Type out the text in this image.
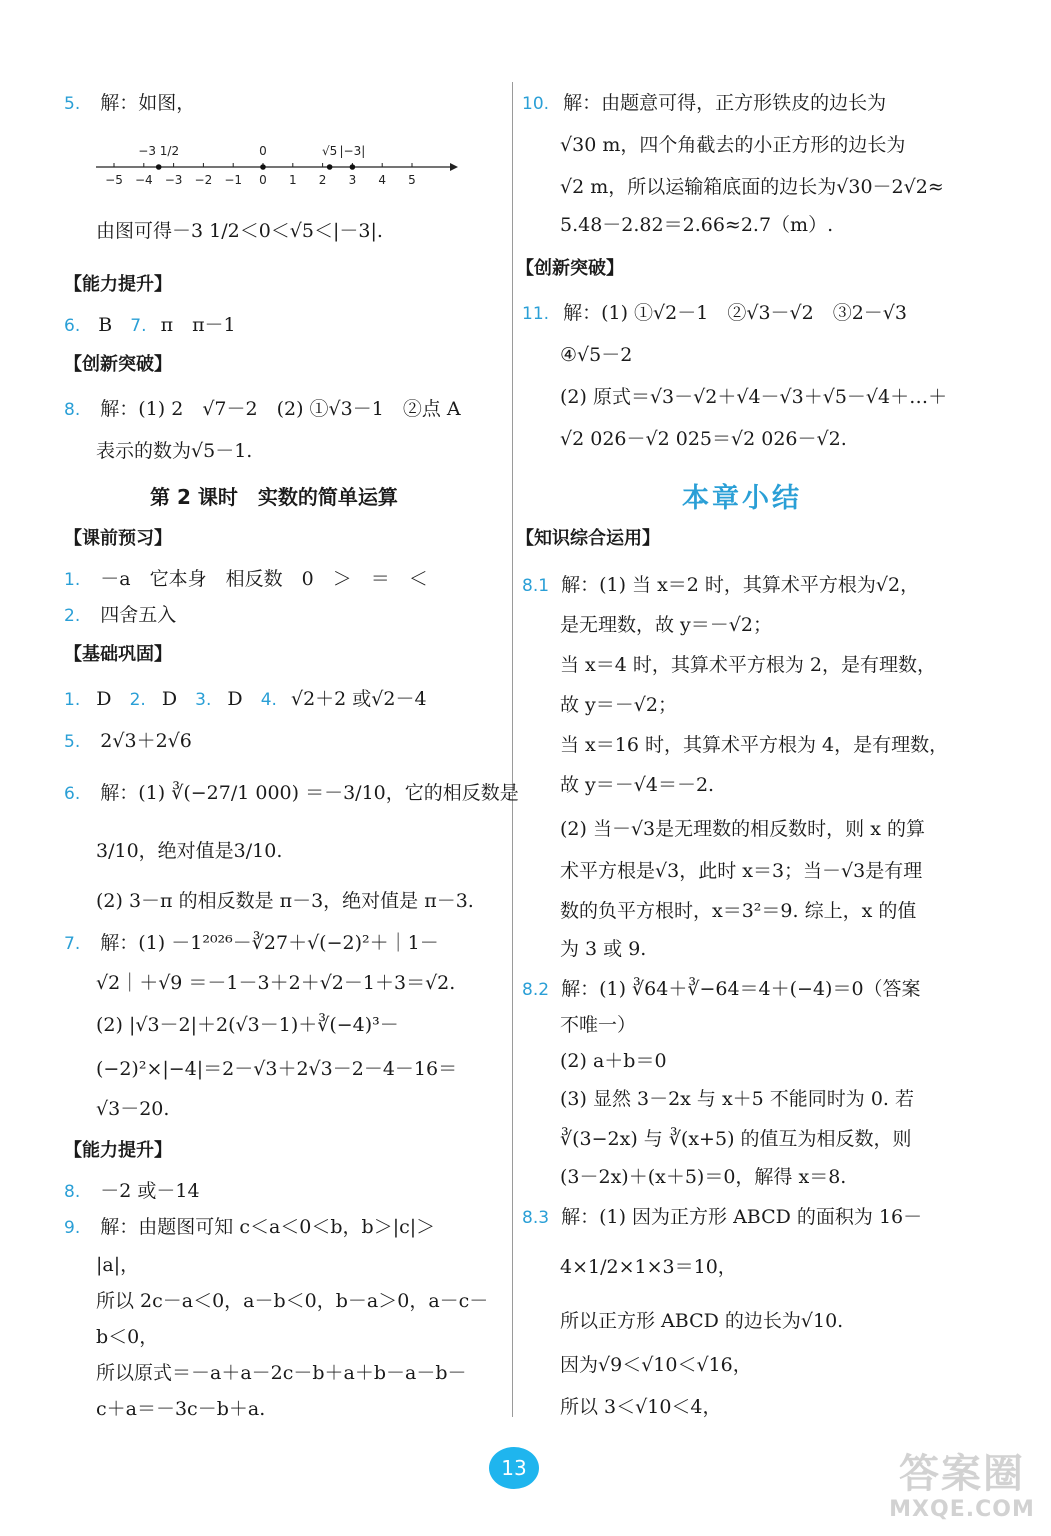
5. 解：如图，
−5 −4 −3 −2 −1 0 1 2 3 4 5
−3 1/2	0	√5 |−3|
由图可得－3 1/2＜0＜√5＜|－3|.
【能力提升】
6. B 7. π　π－1
【创新突破】
8. 解：(1) 2　√7－2　(2) ①√3－1　②点 A
表示的数为√5－1.
第 2 课时　实数的简单运算
【课前预习】
1. －a　它本身　相反数　0　＞　＝　＜
2. 四舍五入
【基础巩固】
1. D 2. D 3. D 4. √2＋2 或√2－4
5. 2√3＋2√6
6. 解：(1) ∛(−27/1 000) ＝－3/10，它的相反数是
3/10，绝对值是3/10.
(2) 3－π 的相反数是 π－3，绝对值是 π－3.
7. 解：(1) －1²⁰²⁶－∛27＋√(−2)²＋｜1－
√2｜＋√9 ＝－1－3＋2＋√2－1＋3＝√2.
(2) |√3－2|＋2(√3－1)＋∛(−4)³－
(−2)²×|−4|＝2－√3＋2√3－2－4－16＝
√3－20.
【能力提升】
8. －2 或－14
9. 解：由题图可知 c＜a＜0＜b，b＞|c|＞
|a|，
所以 2c－a＜0，a－b＜0，b－a＞0，a－c－
b＜0，
所以原式＝－a＋a－2c－b＋a＋b－a－b－
c＋a＝－3c－b＋a.
10. 解：由题意可得，正方形铁皮的边长为
√30 m，四个角截去的小正方形的边长为
√2 m，所以运输箱底面的边长为√30－2√2≈
5.48－2.82＝2.66≈2.7（m）.
【创新突破】
11. 解：(1) ①√2－1　②√3－√2　③2－√3
④√5－2
(2) 原式＝√3－√2＋√4－√3＋√5－√4＋…＋
√2 026－√2 025＝√2 026－√2.
本章小结
【知识综合运用】
8.1 解：(1) 当 x＝2 时，其算术平方根为√2，
是无理数，故 y＝－√2；
当 x＝4 时，其算术平方根为 2，是有理数，
故 y＝－√2；
当 x＝16 时，其算术平方根为 4，是有理数，
故 y＝－√4＝－2.
(2) 当－√3是无理数的相反数时，则 x 的算
术平方根是√3，此时 x＝3；当－√3是有理
数的负平方根时，x＝3²＝9. 综上，x 的值
为 3 或 9.
8.2 解：(1) ∛64＋∛−64＝4＋(−4)＝0（答案
不唯一）
(2) a＋b＝0
(3) 显然 3－2x 与 x＋5 不能同时为 0. 若
∛(3−2x) 与 ∛(x+5) 的值互为相反数，则
(3－2x)＋(x＋5)＝0，解得 x＝8.
8.3 解：(1) 因为正方形 ABCD 的面积为 16－
4×1/2×1×3＝10，
所以正方形 ABCD 的边长为√10.
因为√9＜√10＜√16，
所以 3＜√10＜4，
13	答案圈
MXQE.COM
